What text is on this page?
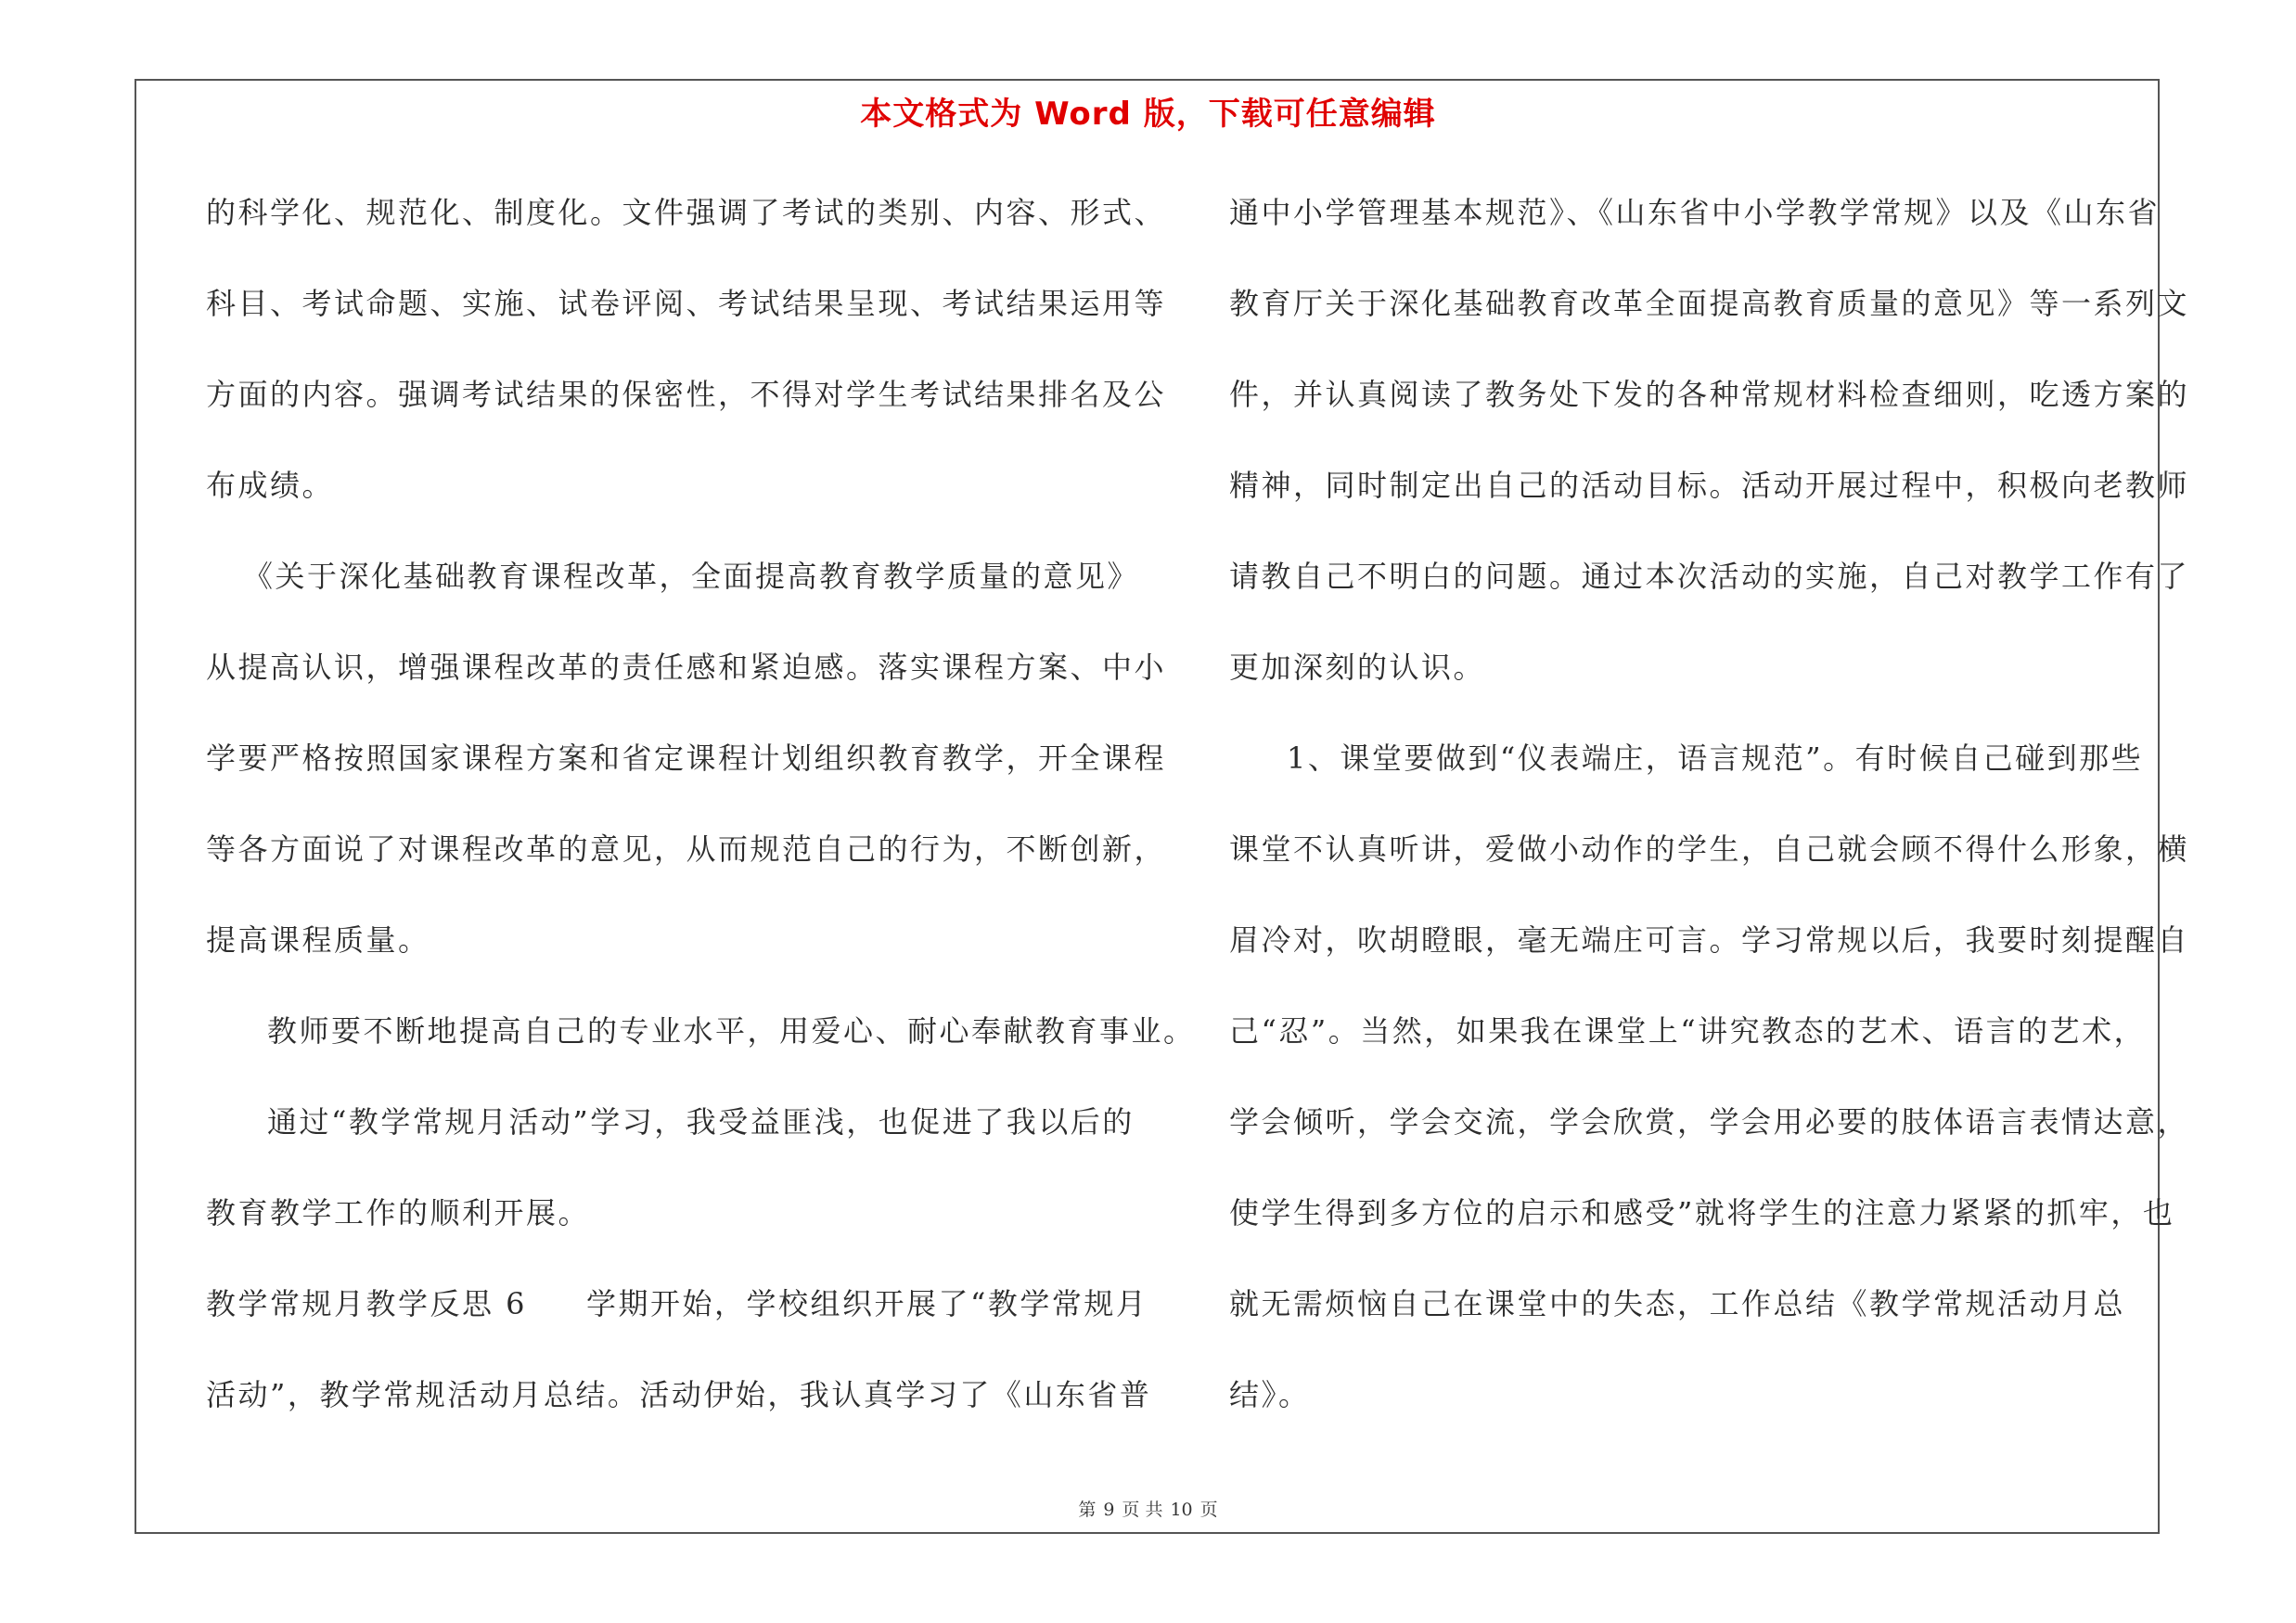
本文格式为 Word 版，下载可任意编辑
的科学化、规范化、制度化。文件强调了考试的类别、内容、形式、
科目、考试命题、实施、试卷评阅、考试结果呈现、考试结果运用等
方面的内容。强调考试结果的保密性，不得对学生考试结果排名及公
布成绩。
《关于深化基础教育课程改革，全面提高教育教学质量的意见》
从提高认识，增强课程改革的责任感和紧迫感。落实课程方案、中小
学要严格按照国家课程方案和省定课程计划组织教育教学，开全课程
等各方面说了对课程改革的意见，从而规范自己的行为，不断创新，
提高课程质量。
教师要不断地提高自己的专业水平，用爱心、耐心奉献教育事业。
通过“教学常规月活动”学习，我受益匪浅，也促进了我以后的
教育教学工作的顺利开展。
教学常规月教学反思 6 学期开始，学校组织开展了“教学常规月
活动”，教学常规活动月总结。活动伊始，我认真学习了《山东省普
通中小学管理基本规范》、《山东省中小学教学常规》以及《山东省
教育厅关于深化基础教育改革全面提高教育质量的意见》等一系列文
件，并认真阅读了教务处下发的各种常规材料检查细则，吃透方案的
精神，同时制定出自己的活动目标。活动开展过程中，积极向老教师
请教自己不明白的问题。通过本次活动的实施，自己对教学工作有了
更加深刻的认识。
1、课堂要做到“仪表端庄，语言规范”。有时候自己碰到那些
课堂不认真听讲，爱做小动作的学生，自己就会顾不得什么形象，横
眉冷对，吹胡瞪眼，毫无端庄可言。学习常规以后，我要时刻提醒自
己“忍”。当然，如果我在课堂上“讲究教态的艺术、语言的艺术，
学会倾听，学会交流，学会欣赏，学会用必要的肢体语言表情达意，
使学生得到多方位的启示和感受”就将学生的注意力紧紧的抓牢，也
就无需烦恼自己在课堂中的失态，工作总结《教学常规活动月总
结》。
第 9 页 共 10 页
